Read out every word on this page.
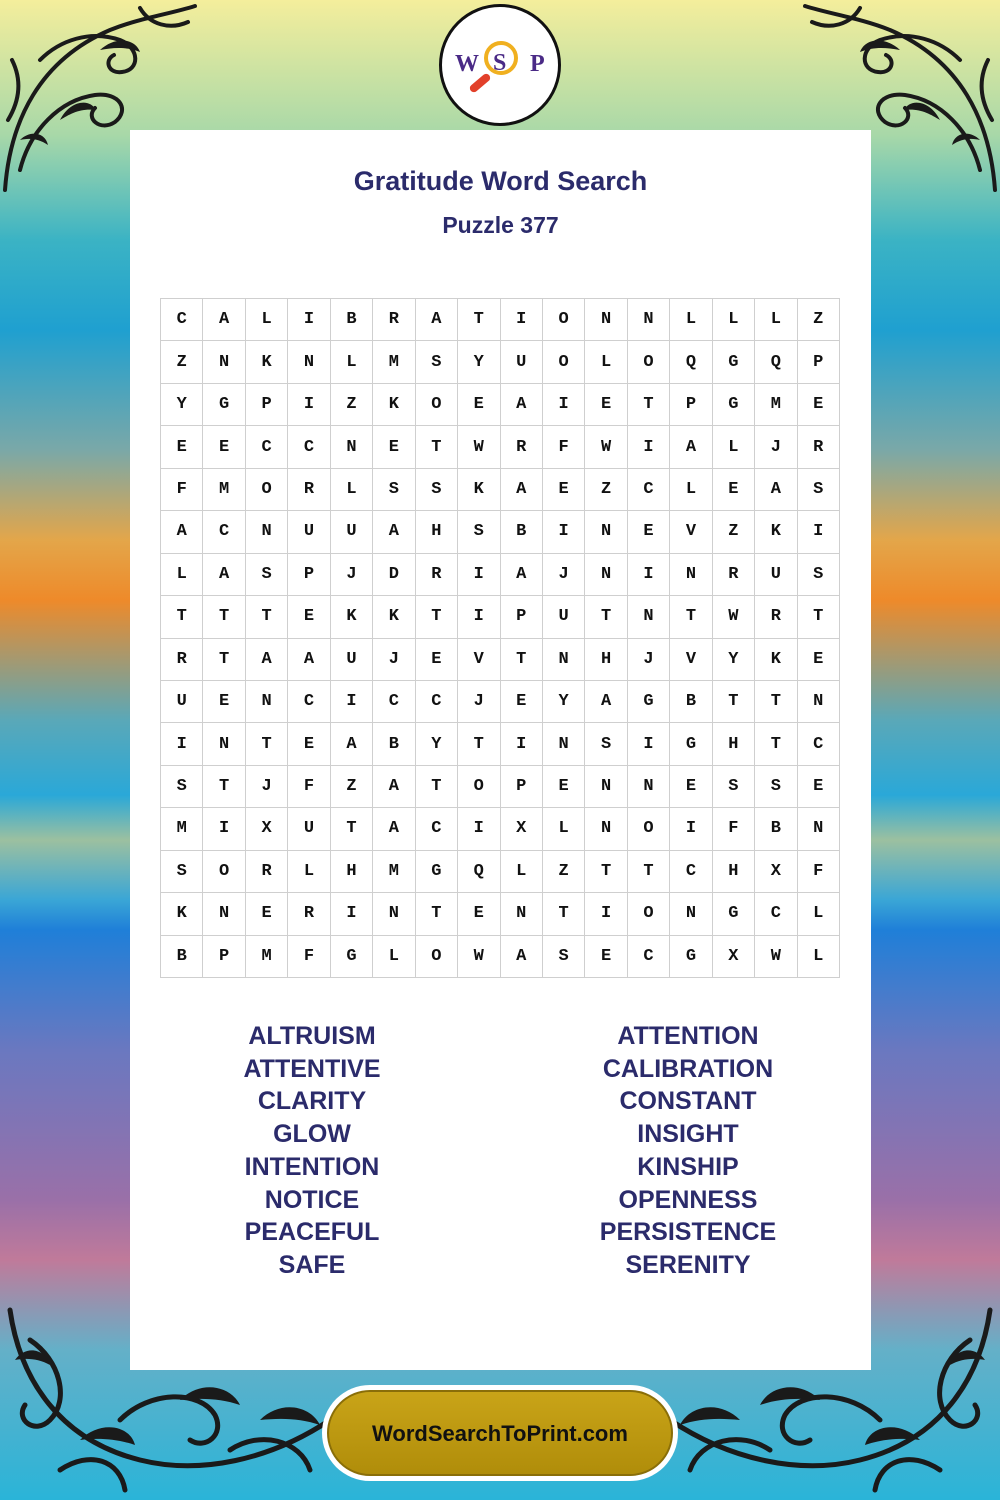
W S P
Gratitude Word Search
Puzzle 377
C	A	L	I	B	R	A	T	I	O	N	N	L	L	L	Z
Z	N	K	N	L	M	S	Y	U	O	L	O	Q	G	Q	P
Y	G	P	I	Z	K	O	E	A	I	E	T	P	G	M	E
E	E	C	C	N	E	T	W	R	F	W	I	A	L	J	R
F	M	O	R	L	S	S	K	A	E	Z	C	L	E	A	S
A	C	N	U	U	A	H	S	B	I	N	E	V	Z	K	I
L	A	S	P	J	D	R	I	A	J	N	I	N	R	U	S
T	T	T	E	K	K	T	I	P	U	T	N	T	W	R	T
R	T	A	A	U	J	E	V	T	N	H	J	V	Y	K	E
U	E	N	C	I	C	C	J	E	Y	A	G	B	T	T	N
I	N	T	E	A	B	Y	T	I	N	S	I	G	H	T	C
S	T	J	F	Z	A	T	O	P	E	N	N	E	S	S	E
M	I	X	U	T	A	C	I	X	L	N	O	I	F	B	N
S	O	R	L	H	M	G	Q	L	Z	T	T	C	H	X	F
K	N	E	R	I	N	T	E	N	T	I	O	N	G	C	L
B	P	M	F	G	L	O	W	A	S	E	C	G	X	W	L
ALTRUISM
ATTENTIVE
CLARITY
GLOW
INTENTION
NOTICE
PEACEFUL
SAFE
ATTENTION
CALIBRATION
CONSTANT
INSIGHT
KINSHIP
OPENNESS
PERSISTENCE
SERENITY
WordSearchToPrint.com
